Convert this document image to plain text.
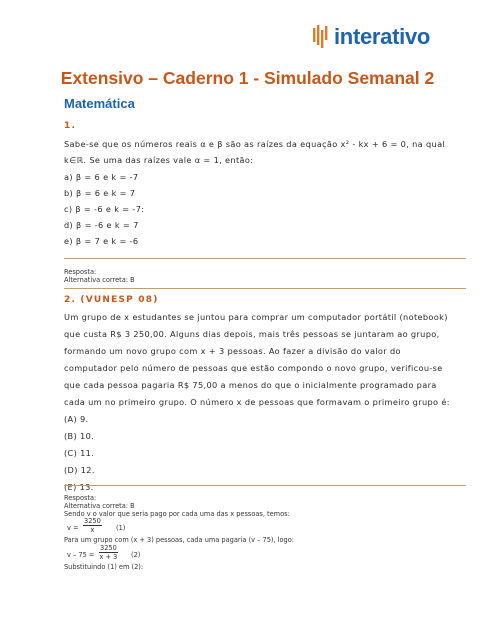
interativo
Extensivo – Caderno 1 - Simulado Semanal 2
Matemática
1.
Sabe-se que os números reais α e β são as raízes da equação x² - kx + 6 = 0, na qual
k∈ℝ. Se uma das raízes vale α = 1, então:
a) β = 6 e k = -7
b) β = 6 e k = 7
c) β = -6 e k = -7:
d) β = -6 e k = 7
e) β = 7 e k = -6
Resposta:
Alternativa correta: B
2. (VUNESP 08)
Um grupo de x estudantes se juntou para comprar um computador portátil (notebook)
que custa R$ 3 250,00. Alguns dias depois, mais três pessoas se juntaram ao grupo,
formando um novo grupo com x + 3 pessoas. Ao fazer a divisão do valor do
computador pelo número de pessoas que estão compondo o novo grupo, verificou-se
que cada pessoa pagaria R$ 75,00 a menos do que o inicialmente programado para
cada um no primeiro grupo. O número x de pessoas que formavam o primeiro grupo é:
(A) 9.
(B) 10.
(C) 11.
(D) 12.
(E) 13.
Resposta:
Alternativa correta: B
Sendo v o valor que seria pago por cada uma das x pessoas, temos:
$v = \frac{3250}{x} (1)$
Para um grupo com (x + 3) pessoas, cada uma pagaria (v – 75), logo:
$v - 75 = \frac{3250}{x + 3} (2)$
Substituindo (1) em (2):
